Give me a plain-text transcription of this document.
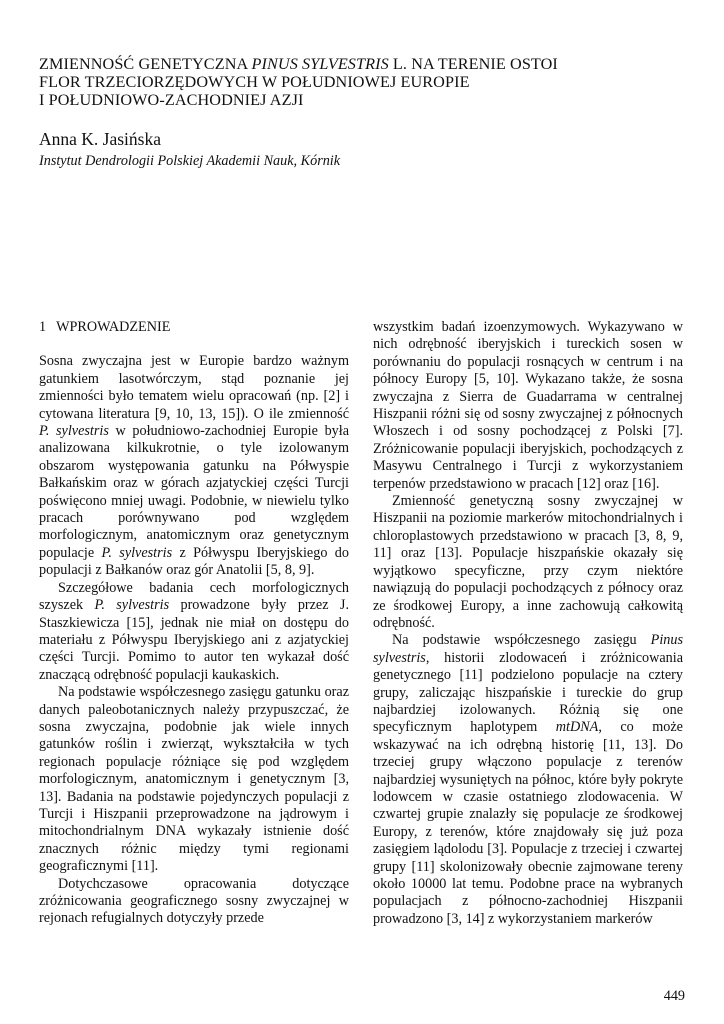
ZMIENNOŚĆ GENETYCZNA PINUS SYLVESTRIS L. NA TERENIE OSTOI
FLOR TRZECIORZĘDOWYCH W POŁUDNIOWEJ EUROPIE
I POŁUDNIOWO-ZACHODNIEJ AZJI
Anna K. Jasińska
Instytut Dendrologii Polskiej Akademii Nauk, Kórnik
1 WPROWADZENIE

Sosna zwyczajna jest w Europie bardzo ważnym gatunkiem lasotwórczym, stąd poznanie jej zmienności było tematem wielu opracowań (np. [2] i cytowana literatura [9, 10, 13, 15]). O ile zmienność P. sylvestris w południowo-zachodniej Europie była analizowana kilkukrotnie, o tyle izolowanym obszarom występowania gatunku na Półwyspie Bałkańskim oraz w górach azjatyckiej części Turcji poświęcono mniej uwagi. Podobnie, w niewielu tylko pracach porównywano pod względem morfologicznym, anatomicznym oraz genetycznym populacje P. sylvestris z Półwyspu Iberyjskiego do populacji z Bałkanów oraz gór Anatolii [5, 8, 9].

Szczegółowe badania cech morfologicznych szyszek P. sylvestris prowadzone były przez J. Staszkiewicza [15], jednak nie miał on dostępu do materiału z Półwyspu Iberyjskiego ani z azjatyckiej części Turcji. Pomimo to autor ten wykazał dość znaczącą odrębność populacji kaukaskich.

Na podstawie współczesnego zasięgu gatunku oraz danych paleobotanicznych należy przypuszczać, że sosna zwyczajna, podobnie jak wiele innych gatunków roślin i zwierząt, wykształciła w tych regionach populacje różniące się pod względem morfologicznym, anatomicznym i genetycznym [3, 13]. Badania na podstawie pojedynczych populacji z Turcji i Hiszpanii przeprowadzone na jądrowym i mitochondrialnym DNA wykazały istnienie dość znacznych różnic między tymi regionami geograficznymi [11].

Dotychczasowe opracowania dotyczące zróżnicowania geograficznego sosny zwyczajnej w rejonach refugialnych dotyczyły przede

wszystkim badań izoenzymowych. Wykazywano w nich odrębność iberyjskich i tureckich sosen w porównaniu do populacji rosnących w centrum i na północy Europy [5, 10]. Wykazano także, że sosna zwyczajna z Sierra de Guadarrama w centralnej Hiszpanii różni się od sosny zwyczajnej z północnych Włoszech i od sosny pochodzącej z Polski [7]. Zróżnicowanie populacji iberyjskich, pochodzących z Masywu Centralnego i Turcji z wykorzystaniem terpenów przedstawiono w pracach [12] oraz [16].

Zmienność genetyczną sosny zwyczajnej w Hiszpanii na poziomie markerów mitochondrialnych i chloroplastowych przedstawiono w pracach [3, 8, 9, 11] oraz [13]. Populacje hiszpańskie okazały się wyjątkowo specyficzne, przy czym niektóre nawiązują do populacji pochodzących z północy oraz ze środkowej Europy, a inne zachowują całkowitą odrębność.

Na podstawie współczesnego zasięgu Pinus sylvestris, historii zlodowaceń i zróżnicowania genetycznego [11] podzielono populacje na cztery grupy, zaliczając hiszpańskie i tureckie do grup najbardziej izolowanych. Różnią się one specyficznym haplotypem mtDNA, co może wskazywać na ich odrębną historię [11, 13]. Do trzeciej grupy włączono populacje z terenów najbardziej wysuniętych na północ, które były pokryte lodowcem w czasie ostatniego zlodowacenia. W czwartej grupie znalazły się populacje ze środkowej Europy, z terenów, które znajdowały się już poza zasięgiem lądolodu [3]. Populacje z trzeciej i czwartej grupy [11] skolonizowały obecnie zajmowane tereny około 10000 lat temu. Podobne prace na wybranych populacjach z północno-zachodniej Hiszpanii prowadzono [3, 14] z wykorzystaniem markerów

449
